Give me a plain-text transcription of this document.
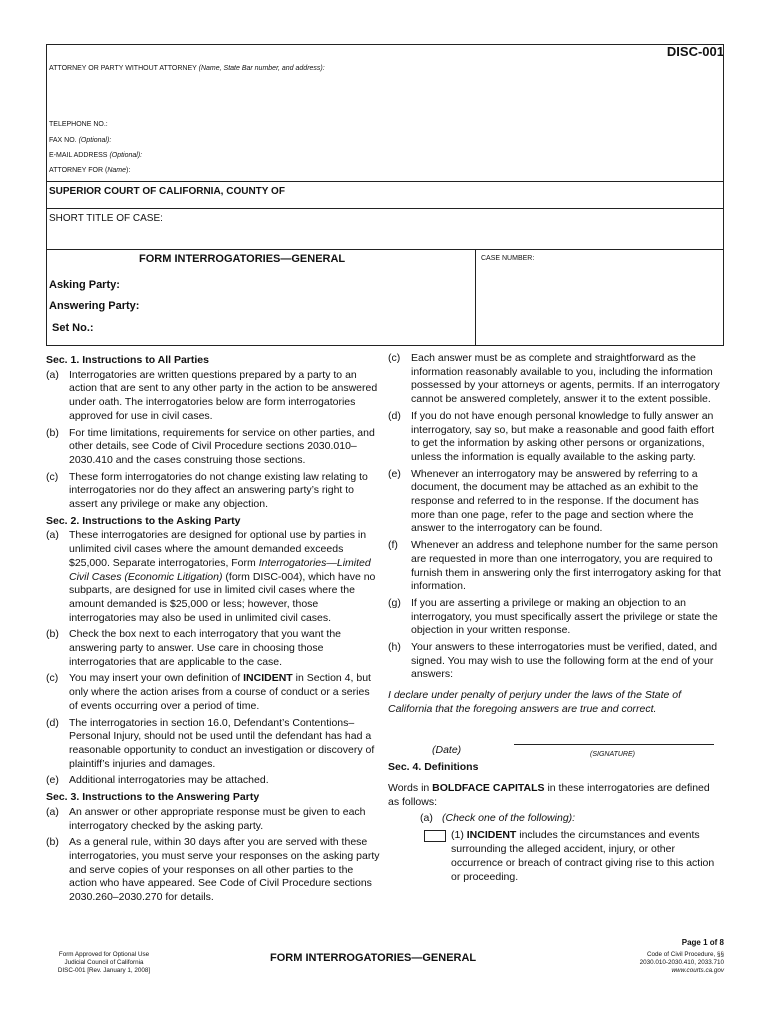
DISC-001
ATTORNEY OR PARTY WITHOUT ATTORNEY (Name, State Bar number, and address):
TELEPHONE NO.:
FAX NO. (Optional):
E-MAIL ADDRESS (Optional):
ATTORNEY FOR (Name):
SUPERIOR COURT OF CALIFORNIA, COUNTY OF
SHORT TITLE OF CASE:
FORM INTERROGATORIES—GENERAL	CASE NUMBER:
Asking Party:
Answering Party:
Set No.:
Sec. 1. Instructions to All Parties
(a) Interrogatories are written questions prepared by a party to an action that are sent to any other party in the action to be answered under oath. The interrogatories below are form interrogatories approved for use in civil cases.
(b) For time limitations, requirements for service on other parties, and other details, see Code of Civil Procedure sections 2030.010–2030.410 and the cases construing those sections.
(c)	These form interrogatories do not change existing law relating to interrogatories nor do they affect an answering party’s right to assert any privilege or make any objection.
Sec. 2. Instructions to the Asking Party
(a) These interrogatories are designed for optional use by parties in unlimited civil cases where the amount demanded exceeds $25,000. Separate interrogatories, Form Interrogatories—Limited Civil Cases (Economic Litigation) (form DISC-004), which have no subparts, are designed for use in limited civil cases where the amount demanded is $25,000 or less; however, those interrogatories may also be used in unlimited civil cases.
(b) Check the box next to each interrogatory that you want the answering party to answer. Use care in choosing those interrogatories that are applicable to the case.
(c)	You may insert your own definition of INCIDENT in Section 4, but only where the action arises from a course of conduct or a series of events occurring over a period of time.
(d) The interrogatories in section 16.0, Defendant’s Contentions–Personal Injury, should not be used until the defendant has had a reasonable opportunity to conduct an investigation or discovery of plaintiff’s injuries and damages.
(e) Additional interrogatories may be attached.
Sec. 3. Instructions to the Answering Party
(a) An answer or other appropriate response must be given to each interrogatory checked by the asking party.
(b) As a general rule, within 30 days after you are served with these interrogatories, you must serve your responses on the asking party and serve copies of your responses on all other parties to the action who have appeared. See Code of Civil Procedure sections 2030.260–2030.270 for details.
(c)	Each answer must be as complete and straightforward as the information reasonably available to you, including the information possessed by your attorneys or agents, permits. If an interrogatory cannot be answered completely, answer it to the extent possible.
(d) If you do not have enough personal knowledge to fully answer an interrogatory, say so, but make a reasonable and good faith effort to get the information by asking other persons or organizations, unless the information is equally available to the asking party.
(e) Whenever an interrogatory may be answered by referring to a document, the document may be attached as an exhibit to the response and referred to in the response. If the document has more than one page, refer to the page and section where the answer to the interrogatory can be found.
(f)	Whenever an address and telephone number for the same person are requested in more than one interrogatory, you are required to furnish them in answering only the first interrogatory asking for that information.
(g) If you are asserting a privilege or making an objection to an interrogatory, you must specifically assert the privilege or state the objection in your written response.
(h) Your answers to these interrogatories must be verified, dated, and signed. You may wish to use the following form at the end of your answers:
I declare under penalty of perjury under the laws of the State of California that the foregoing answers are true and correct.
(Date)	(SIGNATURE)
Sec. 4. Definitions
Words in BOLDFACE CAPITALS in these interrogatories are defined as follows:
(a) (Check one of the following):
(1) INCIDENT includes the circumstances and events surrounding the alleged accident, injury, or other occurrence or breach of contract giving rise to this action or proceeding.
Page 1 of 8
Form Approved for Optional Use
Judicial Council of California
DISC-001 [Rev. January 1, 2008]
FORM INTERROGATORIES—GENERAL	Code of Civil Procedure, §§
2030.010-2030.410, 2033.710
www.courts.ca.gov
